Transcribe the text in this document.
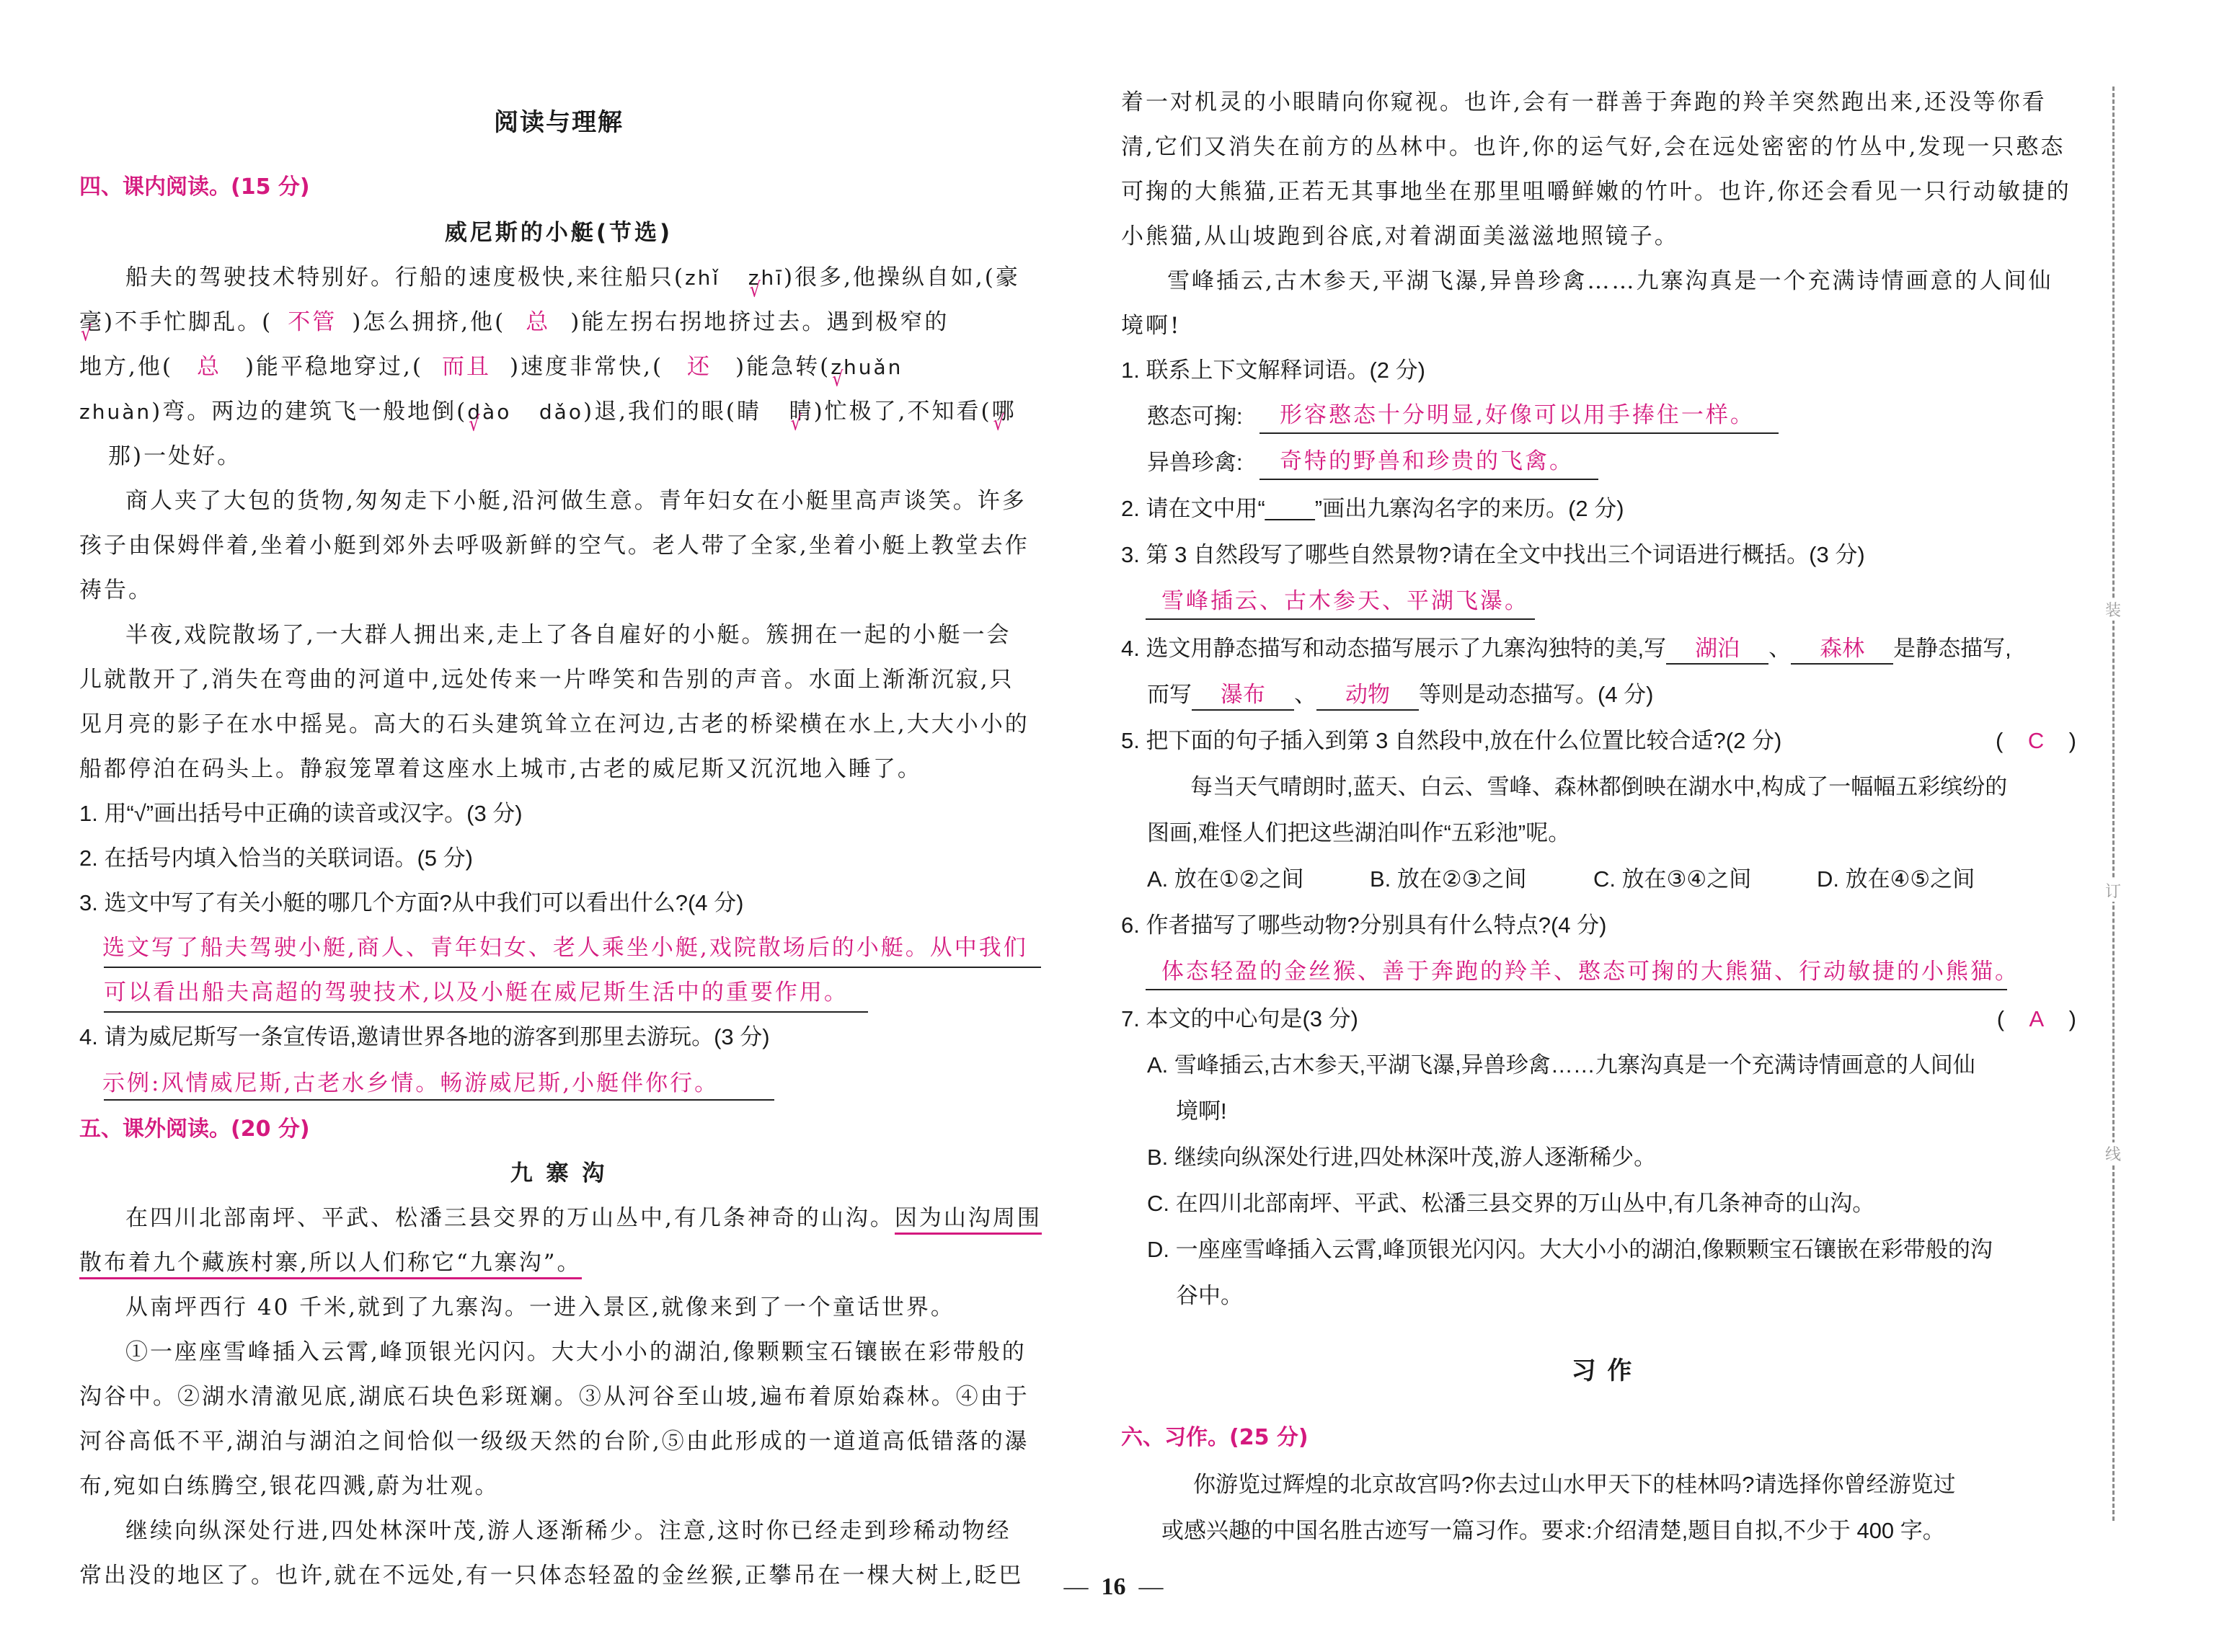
阅读与理解
四、课内阅读。(15 分)
威尼斯的小艇(节选)
船夫的驾驶技术特别好。行船的速度极快,来往船只(zhǐ zhī √)很多,他操纵自如,(豪
毫 √)不手忙脚乱。( 不管 )怎么拥挤,他( 总 )能左拐右拐地挤过去。遇到极窄的
地方,他( 总 )能平稳地穿过,( 而且 )速度非常快,( 还 )能急转(zhuǎn √
zhuàn)弯。两边的建筑飞一般地倒(dào √ dǎo)退,我们的眼(睛 睛 √)忙极了,不知看(哪 √
那)一处好。
商人夹了大包的货物,匆匆走下小艇,沿河做生意。青年妇女在小艇里高声谈笑。许多
孩子由保姆伴着,坐着小艇到郊外去呼吸新鲜的空气。老人带了全家,坐着小艇上教堂去作
祷告。
半夜,戏院散场了,一大群人拥出来,走上了各自雇好的小艇。簇拥在一起的小艇一会
儿就散开了,消失在弯曲的河道中,远处传来一片哗笑和告别的声音。水面上渐渐沉寂,只
见月亮的影子在水中摇晃。高大的石头建筑耸立在河边,古老的桥梁横在水上,大大小小的
船都停泊在码头上。静寂笼罩着这座水上城市,古老的威尼斯又沉沉地入睡了。
1. 用“√”画出括号中正确的读音或汉字。(3 分)
2. 在括号内填入恰当的关联词语。(5 分)
3. 选文中写了有关小艇的哪几个方面?从中我们可以看出什么?(4 分)
选文写了船夫驾驶小艇,商人、青年妇女、老人乘坐小艇,戏院散场后的小艇。从中我们
可以看出船夫高超的驾驶技术,以及小艇在威尼斯生活中的重要作用。
4. 请为威尼斯写一条宣传语,邀请世界各地的游客到那里去游玩。(3 分)
示例:风情威尼斯,古老水乡情。畅游威尼斯,小艇伴你行。
五、课外阅读。(20 分)
九 寨 沟
在四川北部南坪、平武、松潘三县交界的万山丛中,有几条神奇的山沟。因为山沟周围
散布着九个藏族村寨,所以人们称它“九寨沟”。
从南坪西行 40 千米,就到了九寨沟。一进入景区,就像来到了一个童话世界。
①一座座雪峰插入云霄,峰顶银光闪闪。大大小小的湖泊,像颗颗宝石镶嵌在彩带般的
沟谷中。②湖水清澈见底,湖底石块色彩斑斓。③从河谷至山坡,遍布着原始森林。④由于
河谷高低不平,湖泊与湖泊之间恰似一级级天然的台阶,⑤由此形成的一道道高低错落的瀑
布,宛如白练腾空,银花四溅,蔚为壮观。
继续向纵深处行进,四处林深叶茂,游人逐渐稀少。注意,这时你已经走到珍稀动物经
常出没的地区了。也许,就在不远处,有一只体态轻盈的金丝猴,正攀吊在一棵大树上,眨巴
着一对机灵的小眼睛向你窥视。也许,会有一群善于奔跑的羚羊突然跑出来,还没等你看
清,它们又消失在前方的丛林中。也许,你的运气好,会在远处密密的竹丛中,发现一只憨态
可掬的大熊猫,正若无其事地坐在那里咀嚼鲜嫩的竹叶。也许,你还会看见一只行动敏捷的
小熊猫,从山坡跑到谷底,对着湖面美滋滋地照镜子。
雪峰插云,古木参天,平湖飞瀑,异兽珍禽……九寨沟真是一个充满诗情画意的人间仙
境啊!
1. 联系上下文解释词语。(2 分)
憨态可掬: 形容憨态十分明显,好像可以用手捧住一样。
异兽珍禽: 奇特的野兽和珍贵的飞禽。
2. 请在文中用“____”画出九寨沟名字的来历。(2 分)
3. 第 3 自然段写了哪些自然景物?请在全文中找出三个词语进行概括。(3 分)
雪峰插云、古木参天、平湖飞瀑。
4. 选文用静态描写和动态描写展示了九寨沟独特的美,写 湖泊 、 森林 是静态描写,
而写 瀑布 、 动物 等则是动态描写。(4 分)
5. 把下面的句子插入到第 3 自然段中,放在什么位置比较合适?(2 分)	( C )
每当天气晴朗时,蓝天、白云、雪峰、森林都倒映在湖水中,构成了一幅幅五彩缤纷的
图画,难怪人们把这些湖泊叫作“五彩池”呢。
A. 放在①②之间	B. 放在②③之间	C. 放在③④之间	D. 放在④⑤之间
6. 作者描写了哪些动物?分别具有什么特点?(4 分)
体态轻盈的金丝猴、善于奔跑的羚羊、憨态可掬的大熊猫、行动敏捷的小熊猫。
7. 本文的中心句是(3 分)	( A )
A. 雪峰插云,古木参天,平湖飞瀑,异兽珍禽……九寨沟真是一个充满诗情画意的人间仙
境啊!
B. 继续向纵深处行进,四处林深叶茂,游人逐渐稀少。
C. 在四川北部南坪、平武、松潘三县交界的万山丛中,有几条神奇的山沟。
D. 一座座雪峰插入云霄,峰顶银光闪闪。大大小小的湖泊,像颗颗宝石镶嵌在彩带般的沟
谷中。
习 作
六、习作。(25 分)
你游览过辉煌的北京故宫吗?你去过山水甲天下的桂林吗?请选择你曾经游览过
或感兴趣的中国名胜古迹写一篇习作。要求:介绍清楚,题目自拟,不少于 400 字。
装
订
线
— 16 —
